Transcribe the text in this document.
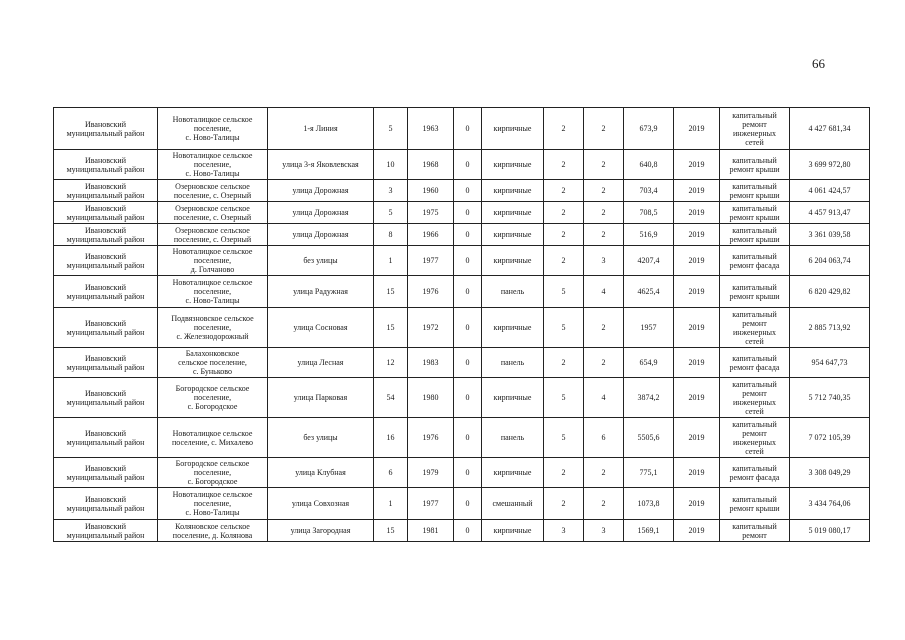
66
Ивановский
муниципальный район	Новоталицкое сельское
поселение,
с. Ново-Талицы	1-я Линия	5	1963	0	кирпичные	2	2	673,9	2019	капитальный
ремонт
инженерных
сетей	4 427 681,34
Ивановский
муниципальный район	Новоталицкое сельское
поселение,
с. Ново-Талицы	улица 3-я Яковлевская	10	1968	0	кирпичные	2	2	640,8	2019	капитальный
ремонт крыши	3 699 972,80
Ивановский
муниципальный район	Озерновское сельское
поселение, с. Озерный	улица Дорожная	3	1960	0	кирпичные	2	2	703,4	2019	капитальный
ремонт крыши	4 061 424,57
Ивановский
муниципальный район	Озерновское сельское
поселение, с. Озерный	улица Дорожная	5	1975	0	кирпичные	2	2	708,5	2019	капитальный
ремонт крыши	4 457 913,47
Ивановский
муниципальный район	Озерновское сельское
поселение, с. Озерный	улица Дорожная	8	1966	0	кирпичные	2	2	516,9	2019	капитальный
ремонт крыши	3 361 039,58
Ивановский
муниципальный район	Новоталицкое сельское
поселение,
д. Голчаново	без улицы	1	1977	0	кирпичные	2	3	4207,4	2019	капитальный
ремонт фасада	6 204 063,74
Ивановский
муниципальный район	Новоталицкое сельское
поселение,
с. Ново-Талицы	улица Радужная	15	1976	0	панель	5	4	4625,4	2019	капитальный
ремонт крыши	6 820 429,82
Ивановский
муниципальный район	Подвязновское сельское
поселение,
с. Железнодорожный	улица Сосновая	15	1972	0	кирпичные	5	2	1957	2019	капитальный
ремонт
инженерных
сетей	2 885 713,92
Ивановский
муниципальный район	Балахонковское
сельское поселение,
с. Буньково	улица Лесная	12	1983	0	панель	2	2	654,9	2019	капитальный
ремонт фасада	954 647,73
Ивановский
муниципальный район	Богородское сельское
поселение,
с. Богородское	улица Парковая	54	1980	0	кирпичные	5	4	3874,2	2019	капитальный
ремонт
инженерных
сетей	5 712 740,35
Ивановский
муниципальный район	Новоталицкое сельское
поселение, с. Михалево	без улицы	16	1976	0	панель	5	6	5505,6	2019	капитальный
ремонт
инженерных
сетей	7 072 105,39
Ивановский
муниципальный район	Богородское сельское
поселение,
с. Богородское	улица Клубная	6	1979	0	кирпичные	2	2	775,1	2019	капитальный
ремонт фасада	3 308 049,29
Ивановский
муниципальный район	Новоталицкое сельское
поселение,
с. Ново-Талицы	улица Совхозная	1	1977	0	смешанный	2	2	1073,8	2019	капитальный
ремонт крыши	3 434 764,06
Ивановский
муниципальный район	Коляновское сельское
поселение, д. Колянова	улица Загородная	15	1981	0	кирпичные	3	3	1569,1	2019	капитальный
ремонт	5 019 080,17
